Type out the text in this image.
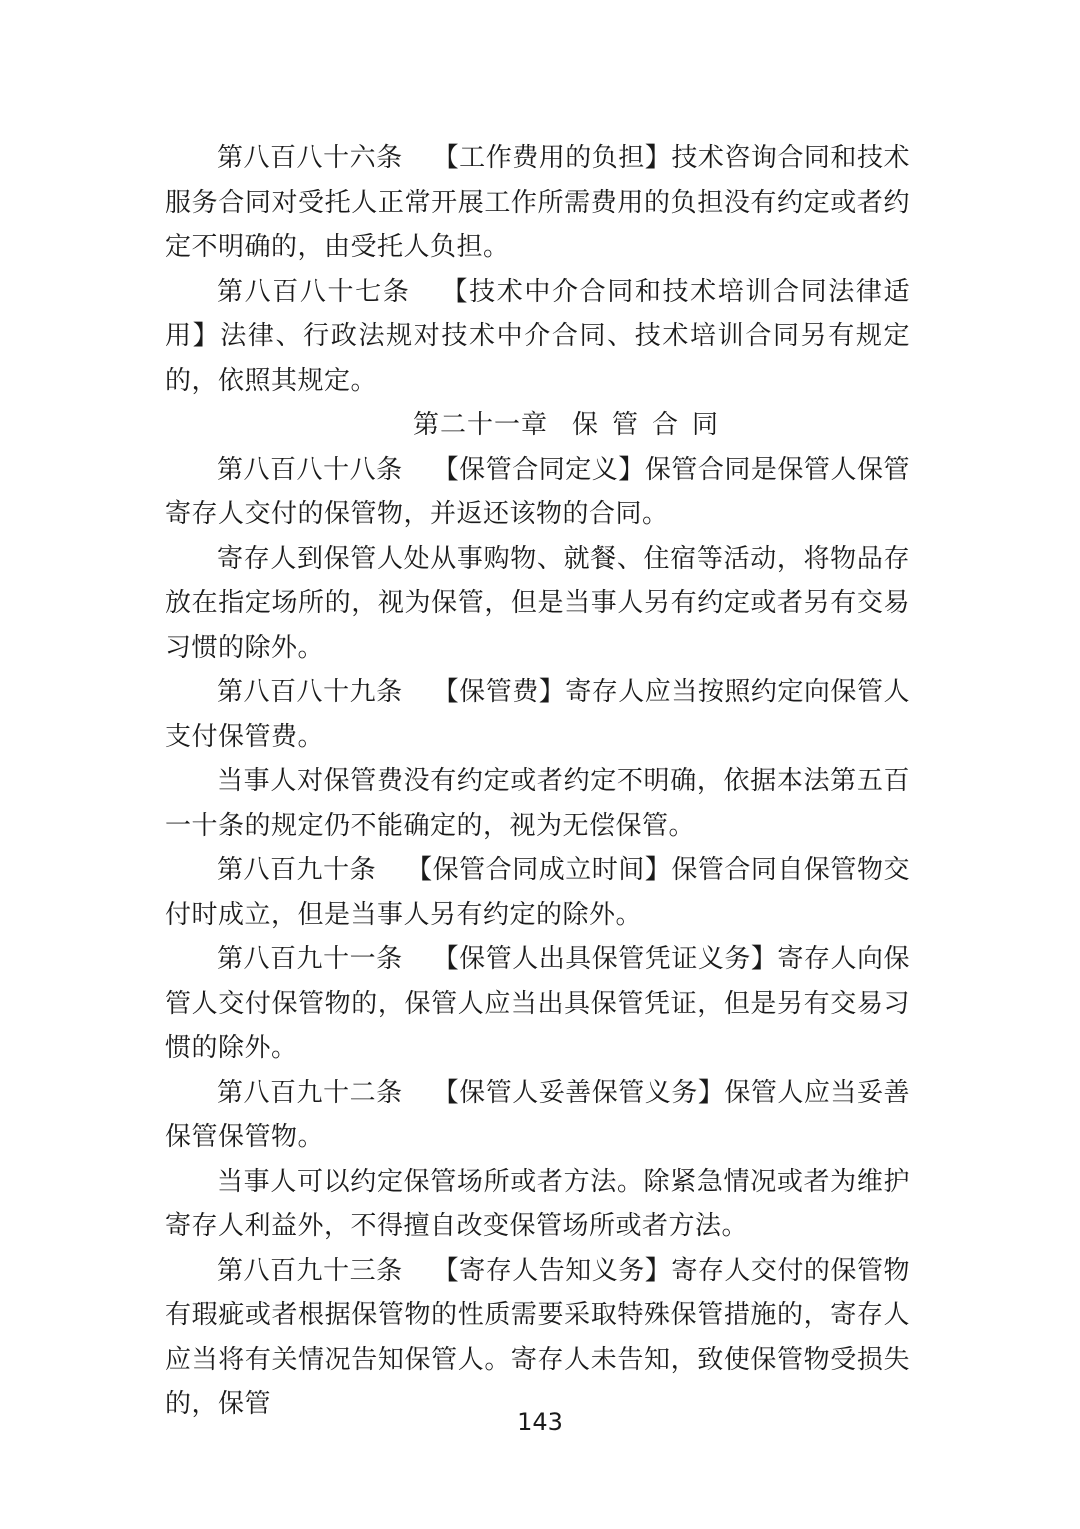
第八百八十六条 【工作费用的负担】技术咨询合同和技术服务合同对受托人正常开展工作所需费用的负担没有约定或者约定不明确的，由受托人负担。

第八百八十七条 【技术中介合同和技术培训合同法律适用】法律、行政法规对技术中介合同、技术培训合同另有规定的，依照其规定。

第二十一章 保管合同

第八百八十八条 【保管合同定义】保管合同是保管人保管寄存人交付的保管物，并返还该物的合同。

寄存人到保管人处从事购物、就餐、住宿等活动，将物品存放在指定场所的，视为保管，但是当事人另有约定或者另有交易习惯的除外。

第八百八十九条 【保管费】寄存人应当按照约定向保管人支付保管费。

当事人对保管费没有约定或者约定不明确，依据本法第五百一十条的规定仍不能确定的，视为无偿保管。

第八百九十条 【保管合同成立时间】保管合同自保管物交付时成立，但是当事人另有约定的除外。

第八百九十一条 【保管人出具保管凭证义务】寄存人向保管人交付保管物的，保管人应当出具保管凭证，但是另有交易习惯的除外。

第八百九十二条 【保管人妥善保管义务】保管人应当妥善保管保管物。

当事人可以约定保管场所或者方法。除紧急情况或者为维护寄存人利益外，不得擅自改变保管场所或者方法。

第八百九十三条 【寄存人告知义务】寄存人交付的保管物有瑕疵或者根据保管物的性质需要采取特殊保管措施的，寄存人应当将有关情况告知保管人。寄存人未告知，致使保管物受损失的，保管

143
